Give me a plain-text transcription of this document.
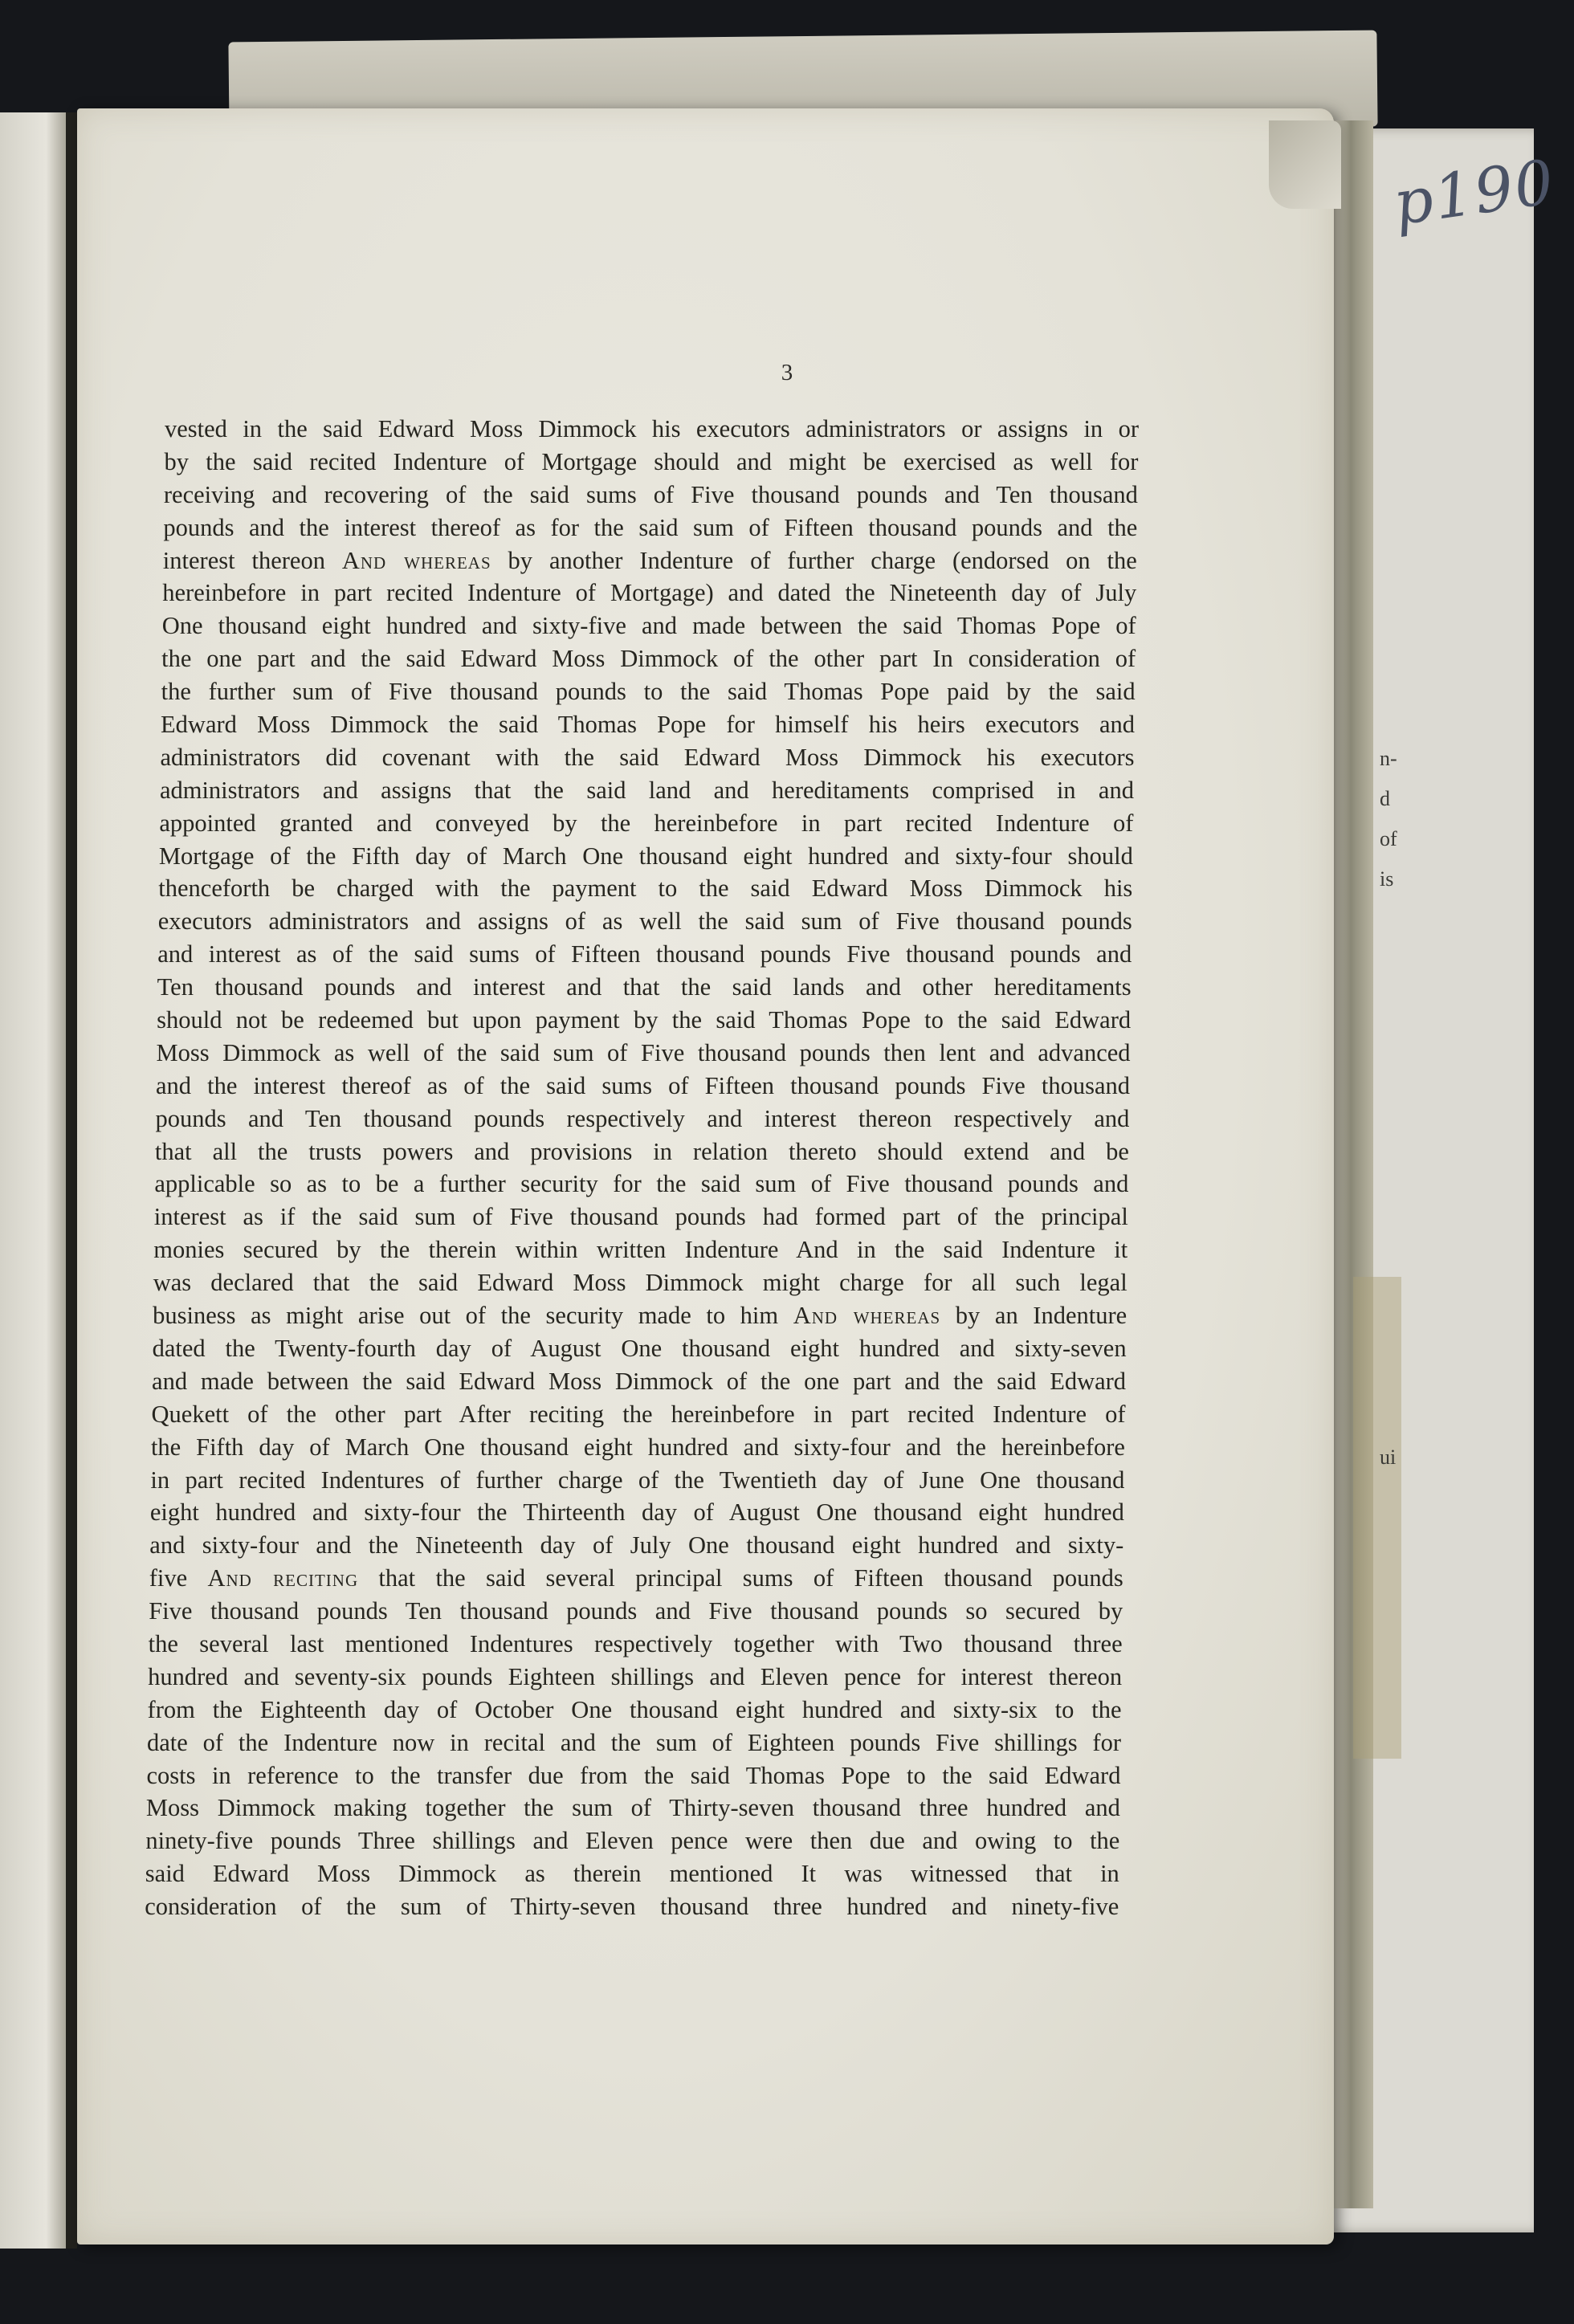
p190
n-
d
of
is
ui
3
vested in the said Edward Moss Dimmock his executors administrators or assigns in or
by the said recited Indenture of Mortgage should and might be exercised as well for
receiving and recovering of the said sums of Five thousand pounds and Ten thousand
pounds and the interest thereof as for the said sum of Fifteen thousand pounds and the
interest thereon And whereas by another Indenture of further charge (endorsed on the
hereinbefore in part recited Indenture of Mortgage) and dated the Nineteenth day of July
One thousand eight hundred and sixty-five and made between the said Thomas Pope of
the one part and the said Edward Moss Dimmock of the other part In consideration of
the further sum of Five thousand pounds to the said Thomas Pope paid by the said
Edward Moss Dimmock the said Thomas Pope for himself his heirs executors and
administrators did covenant with the said Edward Moss Dimmock his executors
administrators and assigns that the said land and hereditaments comprised in and
appointed granted and conveyed by the hereinbefore in part recited Indenture of
Mortgage of the Fifth day of March One thousand eight hundred and sixty-four should
thenceforth be charged with the payment to the said Edward Moss Dimmock his
executors administrators and assigns of as well the said sum of Five thousand pounds
and interest as of the said sums of Fifteen thousand pounds Five thousand pounds and
Ten thousand pounds and interest and that the said lands and other hereditaments
should not be redeemed but upon payment by the said Thomas Pope to the said Edward
Moss Dimmock as well of the said sum of Five thousand pounds then lent and advanced
and the interest thereof as of the said sums of Fifteen thousand pounds Five thousand
pounds and Ten thousand pounds respectively and interest thereon respectively and
that all the trusts powers and provisions in relation thereto should extend and be
applicable so as to be a further security for the said sum of Five thousand pounds and
interest as if the said sum of Five thousand pounds had formed part of the principal
monies secured by the therein within written Indenture And in the said Indenture it
was declared that the said Edward Moss Dimmock might charge for all such legal
business as might arise out of the security made to him And whereas by an Indenture
dated the Twenty-fourth day of August One thousand eight hundred and sixty-seven
and made between the said Edward Moss Dimmock of the one part and the said Edward
Quekett of the other part After reciting the hereinbefore in part recited Indenture of
the Fifth day of March One thousand eight hundred and sixty-four and the hereinbefore
in part recited Indentures of further charge of the Twentieth day of June One thousand
eight hundred and sixty-four the Thirteenth day of August One thousand eight hundred
and sixty-four and the Nineteenth day of July One thousand eight hundred and sixty-
five And reciting that the said several principal sums of Fifteen thousand pounds
Five thousand pounds Ten thousand pounds and Five thousand pounds so secured by
the several last mentioned Indentures respectively together with Two thousand three
hundred and seventy-six pounds Eighteen shillings and Eleven pence for interest thereon
from the Eighteenth day of October One thousand eight hundred and sixty-six to the
date of the Indenture now in recital and the sum of Eighteen pounds Five shillings for
costs in reference to the transfer due from the said Thomas Pope to the said Edward
Moss Dimmock making together the sum of Thirty-seven thousand three hundred and
ninety-five pounds Three shillings and Eleven pence were then due and owing to the
said Edward Moss Dimmock as therein mentioned It was witnessed that in
consideration of the sum of Thirty-seven thousand three hundred and ninety-five
